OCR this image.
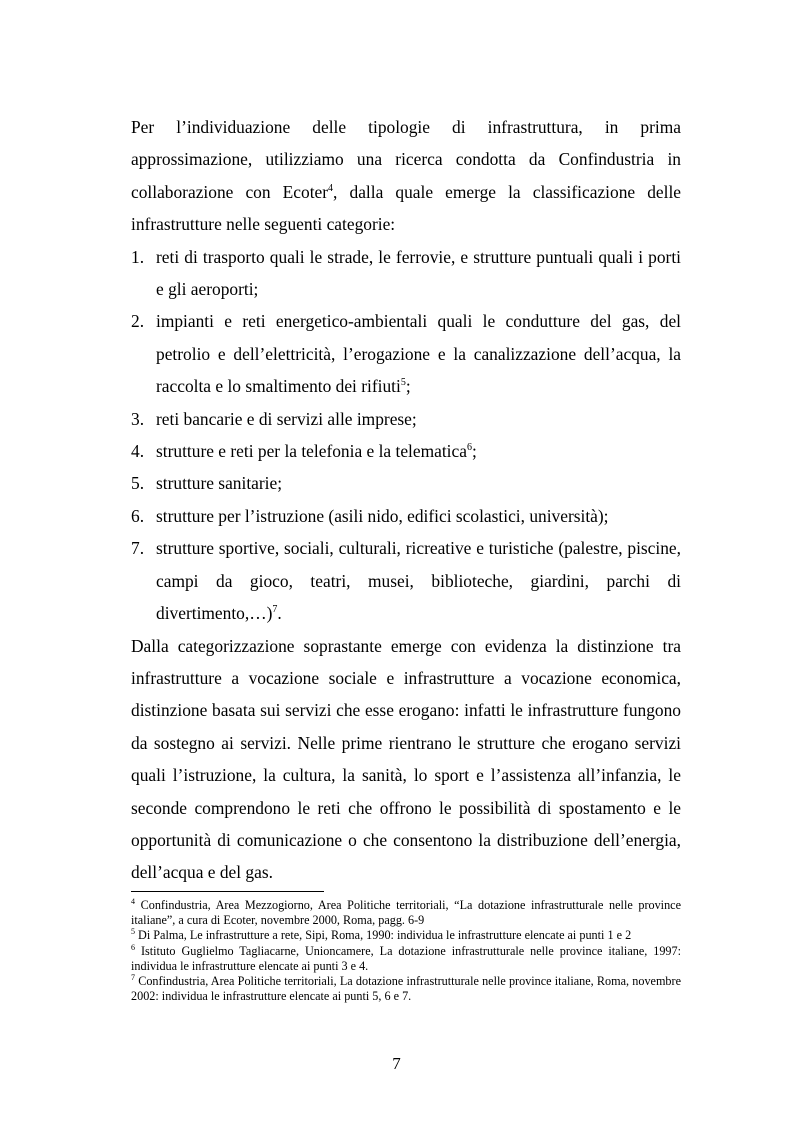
Per l’individuazione delle tipologie di infrastruttura, in prima approssimazione, utilizziamo una ricerca condotta da Confindustria in collaborazione con Ecoter$^4$, dalla quale emerge la classificazione delle infrastrutture nelle seguenti categorie:

1. reti di trasporto quali le strade, le ferrovie, e strutture puntuali quali i porti e gli aeroporti;
2. impianti e reti energetico-ambientali quali le condutture del gas, del petrolio e dell’elettricità, l’erogazione e la canalizzazione dell’acqua, la raccolta e lo smaltimento dei rifiuti$^5$;
3. reti bancarie e di servizi alle imprese;
4. strutture e reti per la telefonia e la telematica$^6$;
5. strutture sanitarie;
6. strutture per l’istruzione (asili nido, edifici scolastici, università);
7. strutture sportive, sociali, culturali, ricreative e turistiche (palestre, piscine, campi da gioco, teatri, musei, biblioteche, giardini, parchi di divertimento,…)$^7$.

Dalla categorizzazione soprastante emerge con evidenza la distinzione tra infrastrutture a vocazione sociale e infrastrutture a vocazione economica, distinzione basata sui servizi che esse erogano: infatti le infrastrutture fungono da sostegno ai servizi. Nelle prime rientrano le strutture che erogano servizi quali l’istruzione, la cultura, la sanità, lo sport e l’assistenza all’infanzia, le seconde comprendono le reti che offrono le possibilità di spostamento e le opportunità di comunicazione o che consentono la distribuzione dell’energia, dell’acqua e del gas.

$^4$ Confindustria, Area Mezzogiorno, Area Politiche territoriali, “La dotazione infrastrutturale nelle province italiane”, a cura di Ecoter, novembre 2000, Roma, pagg. 6-9

$^5$ Di Palma, Le infrastrutture a rete, Sipi, Roma, 1990: individua le infrastrutture elencate ai punti 1 e 2

$^6$ Istituto Guglielmo Tagliacarne, Unioncamere, La dotazione infrastrutturale nelle province italiane, 1997: individua le infrastrutture elencate ai punti 3 e 4.

$^7$ Confindustria, Area Politiche territoriali, La dotazione infrastrutturale nelle province italiane, Roma, novembre 2002: individua le infrastrutture elencate ai punti 5, 6 e 7.

7
